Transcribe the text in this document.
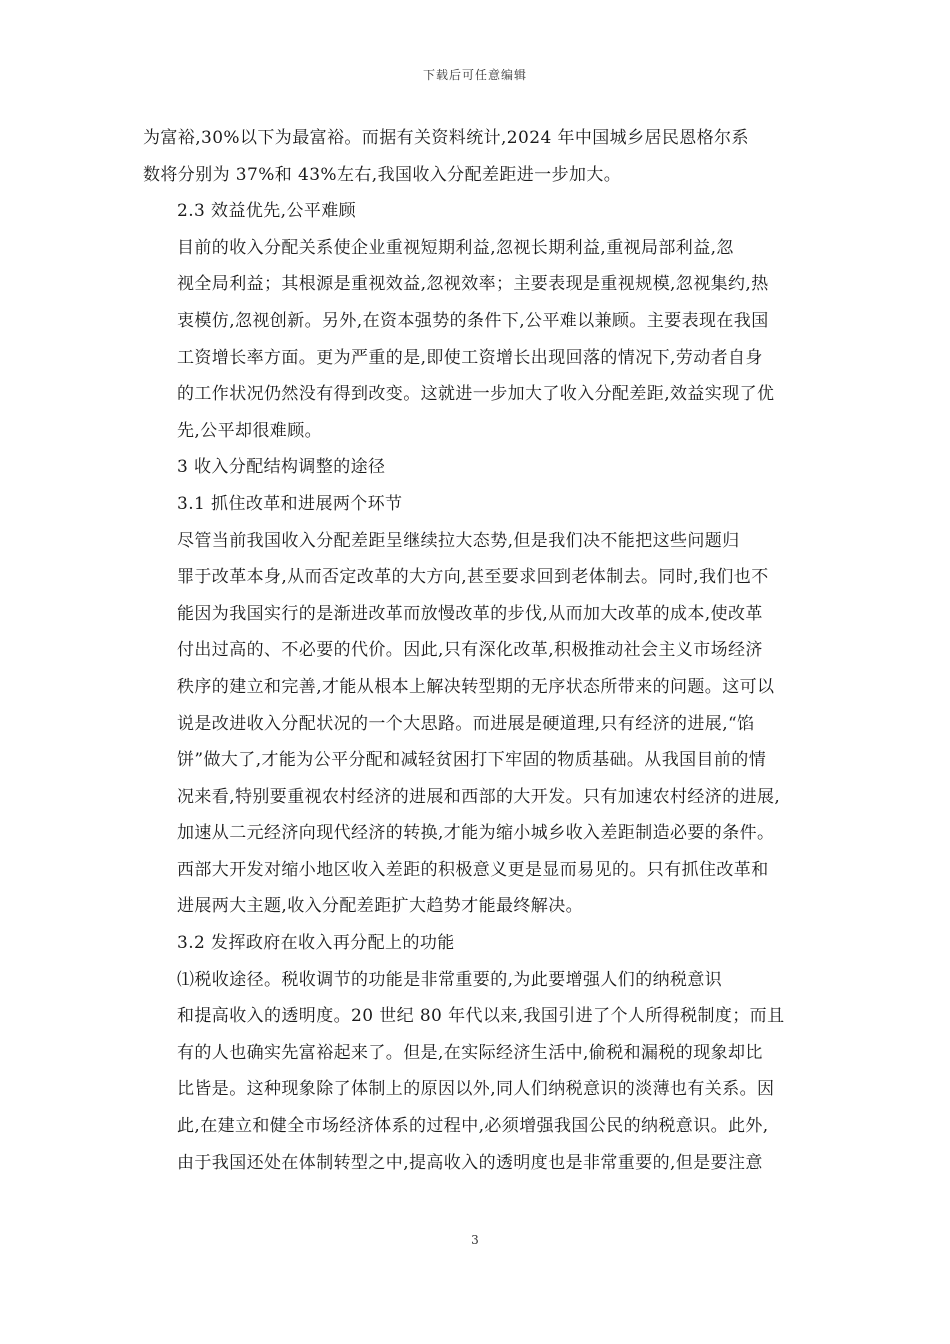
下载后可任意编辑

为富裕,30%以下为最富裕。而据有关资料统计,2024 年中国城乡居民恩格尔系
数将分别为 37%和 43%左右,我国收入分配差距进一步加大。

2.3 效益优先,公平难顾

目前的收入分配关系使企业重视短期利益,忽视长期利益,重视局部利益,忽
视全局利益；其根源是重视效益,忽视效率；主要表现是重视规模,忽视集约,热
衷模仿,忽视创新。另外,在资本强势的条件下,公平难以兼顾。主要表现在我国
工资增长率方面。更为严重的是,即使工资增长出现回落的情况下,劳动者自身
的工作状况仍然没有得到改变。这就进一步加大了收入分配差距,效益实现了优
先,公平却很难顾。

3 收入分配结构调整的途径

3.1 抓住改革和进展两个环节

尽管当前我国收入分配差距呈继续拉大态势,但是我们决不能把这些问题归
罪于改革本身,从而否定改革的大方向,甚至要求回到老体制去。同时,我们也不
能因为我国实行的是渐进改革而放慢改革的步伐,从而加大改革的成本,使改革
付出过高的、不必要的代价。因此,只有深化改革,积极推动社会主义市场经济
秩序的建立和完善,才能从根本上解决转型期的无序状态所带来的问题。这可以
说是改进收入分配状况的一个大思路。而进展是硬道理,只有经济的进展,“馅
饼”做大了,才能为公平分配和减轻贫困打下牢固的物质基础。从我国目前的情
况来看,特别要重视农村经济的进展和西部的大开发。只有加速农村经济的进展,
加速从二元经济向现代经济的转换,才能为缩小城乡收入差距制造必要的条件。
西部大开发对缩小地区收入差距的积极意义更是显而易见的。只有抓住改革和
进展两大主题,收入分配差距扩大趋势才能最终解决。

3.2 发挥政府在收入再分配上的功能

⑴税收途径。税收调节的功能是非常重要的,为此要增强人们的纳税意识
和提高收入的透明度。20 世纪 80 年代以来,我国引进了个人所得税制度；而且
有的人也确实先富裕起来了。但是,在实际经济生活中,偷税和漏税的现象却比
比皆是。这种现象除了体制上的原因以外,同人们纳税意识的淡薄也有关系。因
此,在建立和健全市场经济体系的过程中,必须增强我国公民的纳税意识。此外,
由于我国还处在体制转型之中,提高收入的透明度也是非常重要的,但是要注意

3
